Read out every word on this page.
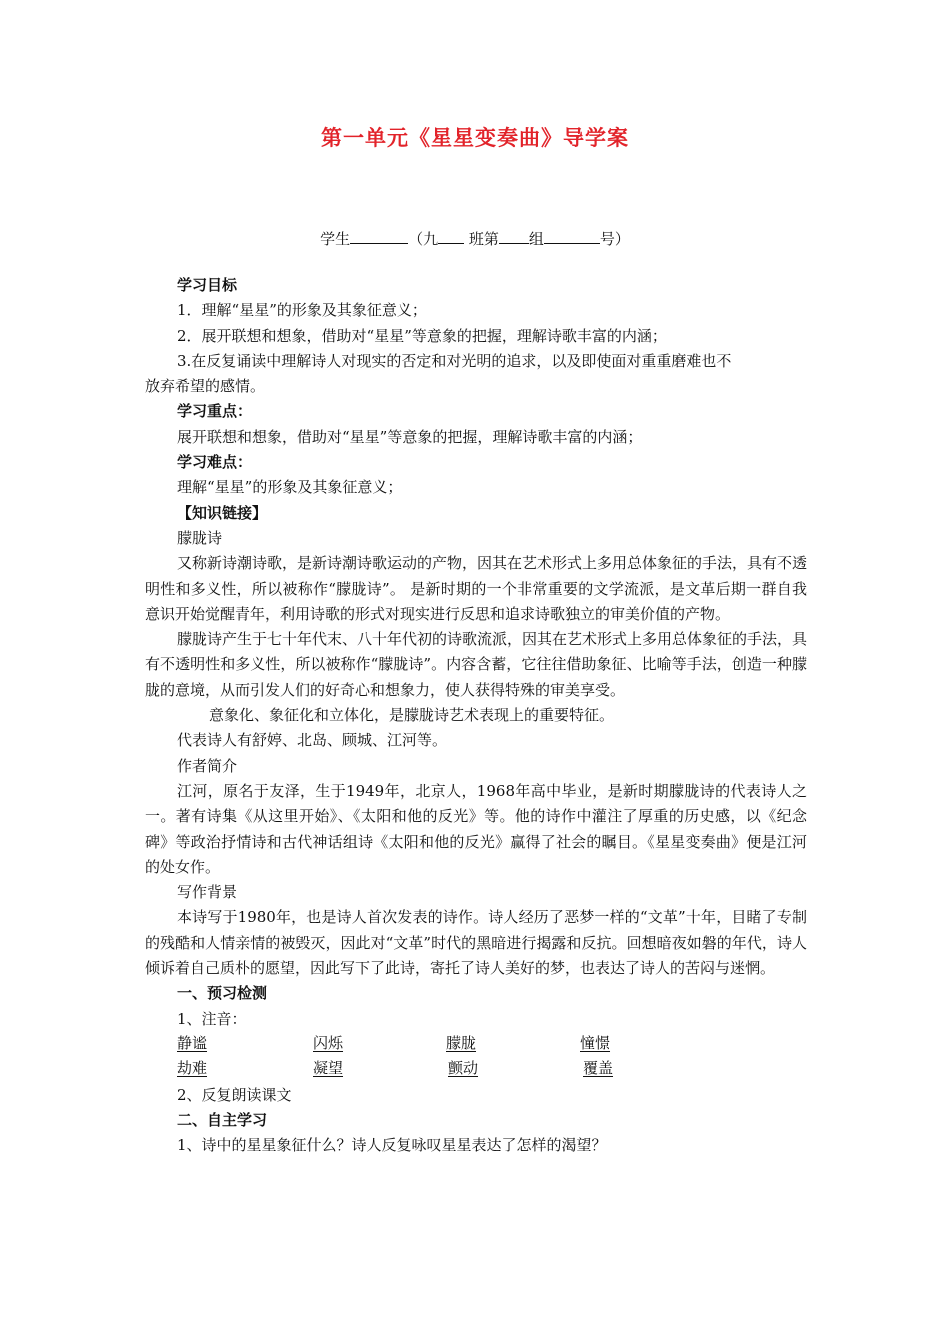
第一单元《星星变奏曲》导学案
学生	（九 班第 组	号）

学习目标

1．理解“星星”的形象及其象征意义；

2．展开联想和想象，借助对“星星”等意象的把握，理解诗歌丰富的内涵；

3.在反复诵读中理解诗人对现实的否定和对光明的追求，以及即使面对重重磨难也不

放弃希望的感情。

学习重点：

展开联想和想象，借助对“星星”等意象的把握，理解诗歌丰富的内涵；

学习难点：

理解“星星”的形象及其象征意义；

【知识链接】

朦胧诗

又称新诗潮诗歌，是新诗潮诗歌运动的产物，因其在艺术形式上多用总体象征的手法，具有不透明性和多义性，所以被称作“朦胧诗”。 是新时期的一个非常重要的文学流派，是文革后期一群自我意识开始觉醒青年，利用诗歌的形式对现实进行反思和追求诗歌独立的审美价值的产物。

朦胧诗产生于七十年代末、八十年代初的诗歌流派，因其在艺术形式上多用总体象征的手法，具有不透明性和多义性，所以被称作“朦胧诗”。内容含蓄，它往往借助象征、比喻等手法，创造一种朦胧的意境，从而引发人们的好奇心和想象力，使人获得特殊的审美享受。

意象化、象征化和立体化，是朦胧诗艺术表现上的重要特征。

代表诗人有舒婷、北岛、顾城、江河等。

作者简介

江河，原名于友泽，生于1949年，北京人，1968年高中毕业，是新时期朦胧诗的代表诗人之一。著有诗集《从这里开始》、《太阳和他的反光》等。他的诗作中灌注了厚重的历史感，以《纪念碑》等政治抒情诗和古代神话组诗《太阳和他的反光》赢得了社会的瞩目。《星星变奏曲》便是江河的处女作。

写作背景

本诗写于1980年，也是诗人首次发表的诗作。诗人经历了恶梦一样的“文革”十年，目睹了专制的残酷和人情亲情的被毁灭，因此对“文革”时代的黑暗进行揭露和反抗。回想暗夜如磐的年代，诗人倾诉着自己质朴的愿望，因此写下了此诗，寄托了诗人美好的梦，也表达了诗人的苦闷与迷惘。

一、预习检测

1、注音：

静谧	闪烁	朦胧	憧憬
劫难	凝望	颤动	覆盖

2、反复朗读课文

二、自主学习

1、诗中的星星象征什么？诗人反复咏叹星星表达了怎样的渴望？
